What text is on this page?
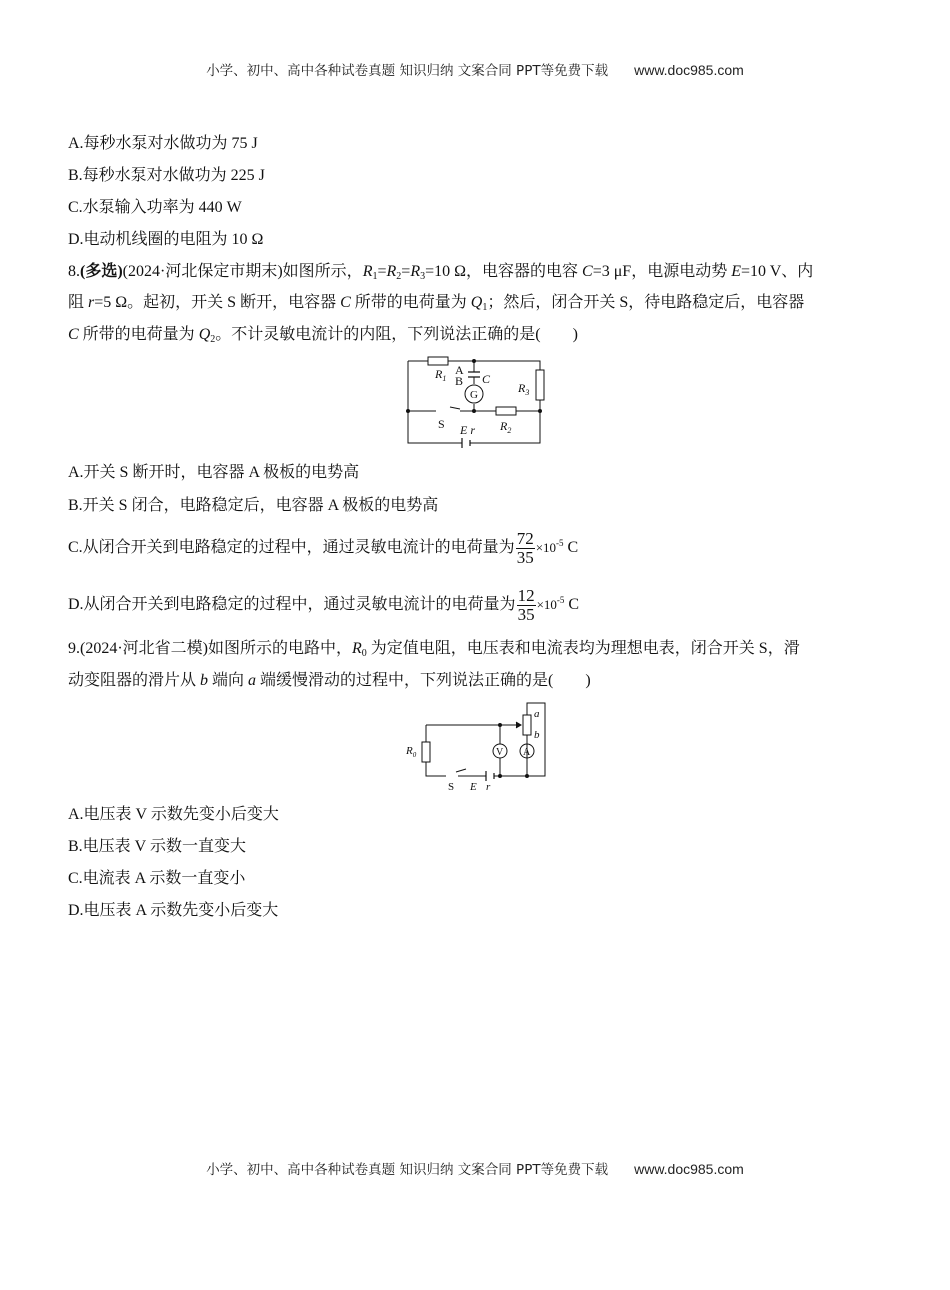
小学、初中、高中各种试卷真题 知识归纳 文案合同 PPT等免费下载 www.doc985.com
A.每秒水泵对水做功为 75 J
B.每秒水泵对水做功为 225 J
C.水泵输入功率为 440 W
D.电动机线圈的电阻为 10 Ω
8.(多选)(2024·河北保定市期末)如图所示，$R_1=R_2=R_3=10$ Ω，电容器的电容 C=3 μF，电源电动势 E=10 V、内
阻 r=5 Ω。起初，开关 S 断开，电容器 C 所带的电荷量为 $Q_1$；然后，闭合开关 S，待电路稳定后，电容器
C 所带的电荷量为 $Q_2$。不计灵敏电流计的内阻，下列说法正确的是(　　)
$R_1$
A
B C
G	$R_3$
S E r $R_2$
A.开关 S 断开时，电容器 A 极板的电势高
B.开关 S 闭合，电路稳定后，电容器 A 极板的电势高
C.从闭合开关到电路稳定的过程中，通过灵敏电流计的电荷量为 $\frac{72}{35} \times 10^{-5}$ C
D.从闭合开关到电路稳定的过程中，通过灵敏电流计的电荷量为 $\frac{12}{35} \times 10^{-5}$ C
9.(2024·河北省二模)如图所示的电路中，$R_0$ 为定值电阻，电压表和电流表均为理想电表，闭合开关 S，滑
动变阻器的滑片从 b 端向 a 端缓慢滑动的过程中，下列说法正确的是(　　)
a
b
$R_0$	V A
S E r
A.电压表 V 示数先变小后变大
B.电压表 V 示数一直变大
C.电流表 A 示数一直变小
D.电压表 A 示数先变小后变大
小学、初中、高中各种试卷真题 知识归纳 文案合同 PPT等免费下载 www.doc985.com
